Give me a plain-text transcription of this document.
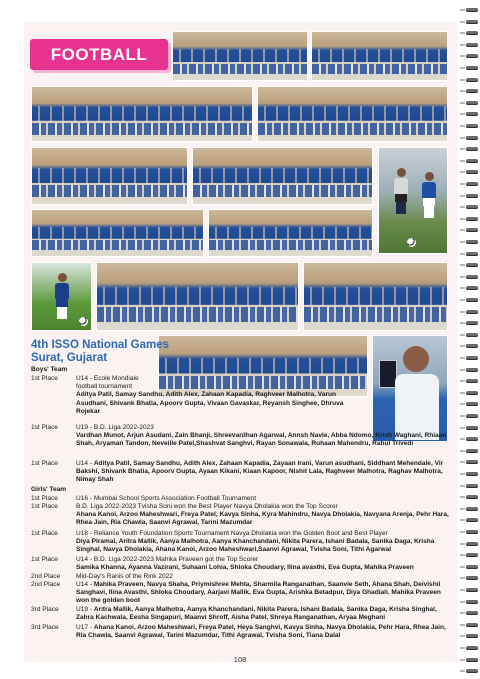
FOOTBALL
4th ISSO National Games
Surat, Gujarat
Boys' Team
1st Place	U14 - Ecole Mondiale
football tournament
Aditya Patil, Samay Sandhu, Adith Alex, Zahaan Kapadia, Raghveer Malhotra, Varun Asudhani, Shivank Bhatia, Apoorv Gupta, Vivaan Gavaskar, Reyansh Singhee, Dhruva Rojekar
1st Place	U19 - B.D. Liga 2022-2023
Vardhan Munot, Arjun Asudani, Zain Bhanji, Shreevardhan Agarwal, Annsh Navle, Abba Ndomo, Krish Waghani, Rhiaan Shah, Aryaman Tandon, Neveille Patel,Shashvat Sanghvi, Rayan Sonawala, Ruhaan Mahendru, Rahul Trivedi
1st Place	U14 - Aditya Patil, Samay Sandhu, Adith Alex, Zahaan Kapadia, Zayaan Irani, Varun asudhani, Siddhant Mehendale, Vir Bakshi, Shivank Bhatia, Apoorv Gupta, Ayaan Kikani, Kiaan Kapoor, Nishit Lala, Raghveer Malhotra, Raghav Malhotra, Nimay Shah
Girls' Team
1st Place	U16 - Mumbai School Sports Association Football Tournament
1st Place	B.D. Liga 2022-2023 Tvisha Soni won the Best Player Navya Dholakia won the Top Scorer
Ahana Kanoi, Arzoo Maheshwari, Freya Patel, Kavya Sinha, Kyra Mahindru, Navya Dholakia, Navyana Arenja, Pehr Hara, Rhea Jain, Ria Chawla, Saanvi Agrawal, Tarini Mazumdar
1st Place	U18 - Reliance Youth Foundation Sports Tournament Navya Dholakia won the Golden Boot and Best Player
Diya Piramal, Aritra Mallik, Aanya Malhotra, Aanya Khanchandani, Nikita Parera, Ishani Badala, Sanika Daga, Krisha Singhal, Navya Dholakia, Ahana Kanoi, Arzoo Maheshwari,Saanvi Agrawal, Tvisha Soni, Tithi Agarwal
1st Place	U14 - B.D. Liga 2022-2023 Mahika Praveen got the Top Scorer
Samika Khanna, Ayanna Vazirani, Suhaani Lohia, Shloka Choudary, Ilina avasthi, Eva Gupta, Mahika Praveen
2nd Place	Mid-Day's Ranis of the Rink 2022
2nd Place	U14 - Mahika Praveen, Navya Shaha, Priymishree Mehta, Sharmila Ranganathan, Saanvie Seth, Ahana Shah, Deivishii Sanghavi, Ilina Avasthi, Shloka Choudary, Aarjavi Mallik, Eva Gupta, Arishka Betadpur, Diya Ghadiali. Mahika Praveen won the golden boot
3rd Place	U19 - Aritra Mallik, Aanya Malhotra, Aanya Khanchandani, Nikita Parera, Ishani Badala, Sanika Daga, Krisha Singhal, Zahra Kachwala, Eesha Singapuri, Maanvi Shroff, Aisha Patel, Shreya Ranganathan, Aryaa Meghani
3rd Place	U17 - Ahana Kanoi, Arzoo Maheshwari, Freya Patel, Heya Sanghvi, Kavya Sinha, Navya Dholakia, Pehr Hara, Rhea Jain, Ria Chawla, Saanvi Agrawal, Tarini Mazumdar, Tithi Agrawal, Tvisha Soni, Tiana Dalal
108
